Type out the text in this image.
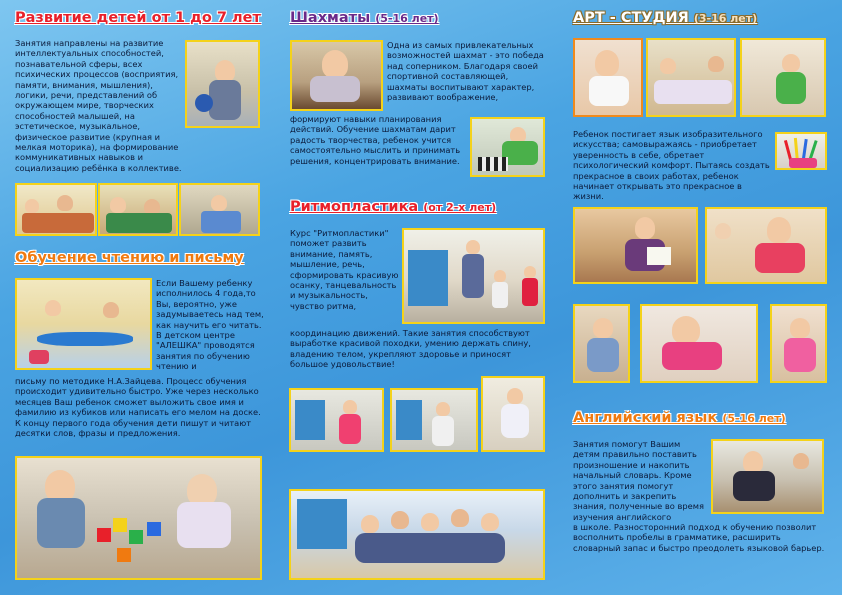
Развитие детей от 1 до 7 лет

Занятия направлены на развитие интеллектуальных способностей, познавательной сферы, всех психических процессов (восприятия, памяти, внимания, мышления), логики, речи, представлений об окружающем мире, творческих способностей малышей, на эстетическое, музыкальное, физическое развитие (крупная и мелкая моторика), на формирование коммуникативных навыков и социализацию ребёнка в коллективе.

Обучение чтению и письму

Если Вашему ребенку исполнилось 4 года,то Вы, вероятно, уже задумываетесь над тем, как научить его читать. В детском центре "АЛЕШКА" проводятся занятия по обучению чтению и

письму по методике Н.А.Зайцева. Процесс обучения происходит удивительно быстро. Уже через несколько месяцев Ваш ребенок сможет выложить свое имя и фамилию из кубиков или написать его мелом на доске. К концу первого года обучения дети пишут и читают десятки слов, фразы и предложения.

Шахматы (5-16 лет)

Одна из самых привлекательных возможностей шахмат - это победа над соперником. Благодаря своей спортивной составляющей, шахматы воспитывают характер, развивают воображение,

формируют навыки планирования действий. Обучение шахматам дарит радость творчества, ребенок учится самостоятельно мыслить и принимать решения, концентрировать внимание.

Ритмопластика (от 2-х лет)

Курс "Ритмопластики" поможет развить внимание, память, мышление, речь, сформировать красивую осанку, танцевальность и музыкальность, чувство ритма,

координацию движений. Такие занятия способствуют выработке красивой походки, умению держать спину, владению телом, укрепляют здоровье и приносят большое удовольствие!

АРТ - СТУДИЯ (3-16 лет)

Ребенок постигает язык изобразительного искусства; самовыражаясь - приобретает уверенность в себе, обретает психологический комфорт. Пытаясь создать прекрасное в своих работах, ребенок начинает открывать это прекрасное в жизни.

Английский язык (5-16 лет)

Занятия помогут Вашим детям правильно поставить произношение и накопить начальный словарь. Кроме этого занятия помогут дополнить и закрепить знания, полученные во время изучения английского

в школе. Разносторонний подход к обучению позволит восполнить пробелы в грамматике, расширить словарный запас и быстро преодолеть языковой барьер.
